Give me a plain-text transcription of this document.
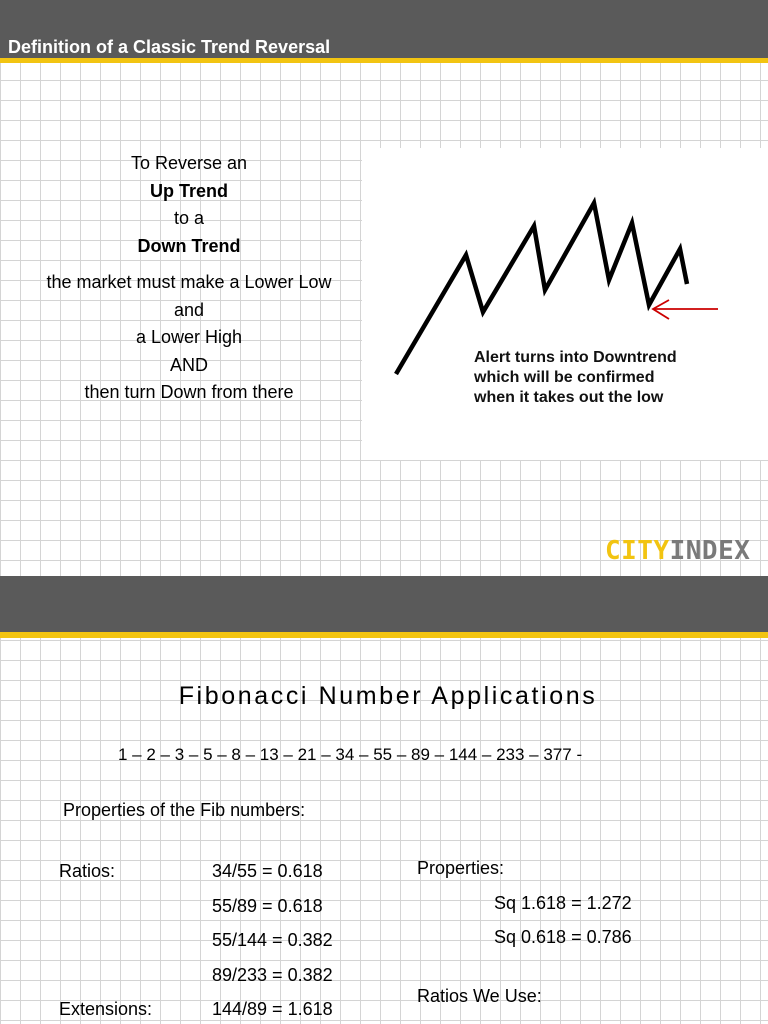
Definition of a Classic Trend Reversal
To Reverse an
Up Trend
to a
Down Trend
the market must make a Lower Low
and
a Lower High
AND
then turn Down from there
Alert turns into Downtrend
which will be confirmed
when it takes out the low
CITYINDEX
Fibonacci Number Applications
1 – 2 – 3 – 5 – 8 – 13 – 21 – 34 – 55 – 89 – 144 – 233 – 377 -
Properties of the Fib numbers:
Ratios:	34/55 = 0.618
55/89 = 0.618
55/144 = 0.382
89/233 = 0.382
Extensions:	144/89 = 1.618
Properties:
Sq 1.618 = 1.272
Sq 0.618 = 0.786
Ratios We Use:
